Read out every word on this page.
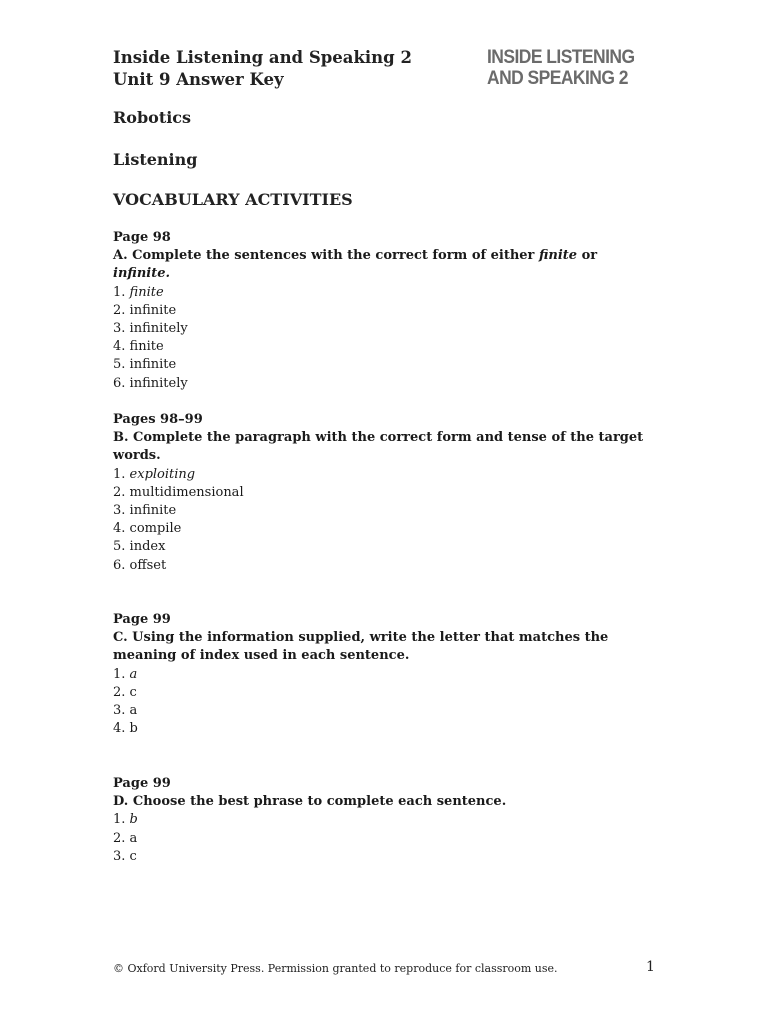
Inside Listening and Speaking 2
Unit 9 Answer Key
INSIDE LISTENING
AND SPEAKING 2
Robotics
Listening
VOCABULARY ACTIVITIES
Page 98
A. Complete the sentences with the correct form of either finite or infinite.
1. finite
2. infinite
3. infinitely
4. finite
5. infinite
6. infinitely
Pages 98–99
B. Complete the paragraph with the correct form and tense of the target words.
1. exploiting
2. multidimensional
3. infinite
4. compile
5. index
6. offset
Page 99
C. Using the information supplied, write the letter that matches the meaning of index used in each sentence.
1. a
2. c
3. a
4. b
Page 99
D. Choose the best phrase to complete each sentence.
1. b
2. a
3. c
© Oxford University Press. Permission granted to reproduce for classroom use.	1
